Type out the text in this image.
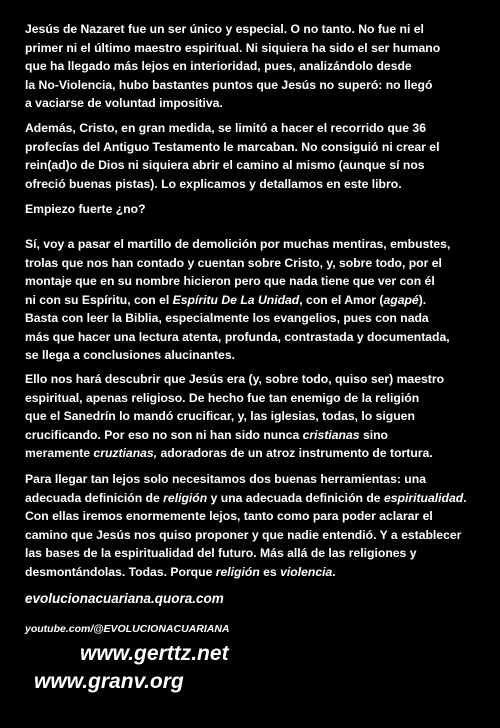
Jesús de Nazaret fue un ser único y especial. O no tanto. No fue ni el
primer ni el último maestro espiritual. Ni siquiera ha sido el ser humano
que ha llegado más lejos en interioridad, pues, analizándolo desde
la No-Violencia, hubo bastantes puntos que Jesús no superó: no llegó
a vaciarse de voluntad impositiva.

Además, Cristo, en gran medida, se limitó a hacer el recorrido que 36
profecías del Antiguo Testamento le marcaban. No consiguió ni crear el
rein(ad)o de Dios ni siquiera abrir el camino al mismo (aunque sí nos
ofreció buenas pistas). Lo explicamos y detallamos en este libro.

Empiezo fuerte ¿no?

Sí, voy a pasar el martillo de demolición por muchas mentiras, embustes,
trolas que nos han contado y cuentan sobre Cristo, y, sobre todo, por el
montaje que en su nombre hicieron pero que nada tiene que ver con él
ni con su Espíritu, con el Espíritu De La Unidad, con el Amor (agapé).
Basta con leer la Biblia, especialmente los evangelios, pues con nada
más que hacer una lectura atenta, profunda, contrastada y documentada,
se llega a conclusiones alucinantes.

Ello nos hará descubrir que Jesús era (y, sobre todo, quiso ser) maestro
espiritual, apenas religioso. De hecho fue tan enemigo de la religión
que el Sanedrín lo mandó crucificar, y, las iglesias, todas, lo siguen
crucificando. Por eso no son ni han sido nunca cristianas sino
meramente cruztianas, adoradoras de un atroz instrumento de tortura.

Para llegar tan lejos solo necesitamos dos buenas herramientas: una
adecuada definición de religión y una adecuada definición de espiritualidad.
Con ellas iremos enormemente lejos, tanto como para poder aclarar el
camino que Jesús nos quiso proponer y que nadie entendió. Y a establecer
las bases de la espiritualidad del futuro. Más allá de las religiones y
desmontándolas. Todas. Porque religión es violencia.

evolucionacuariana.quora.com
youtube.com/@EVOLUCIONACUARIANA
www.gerttz.net
www.granv.org
